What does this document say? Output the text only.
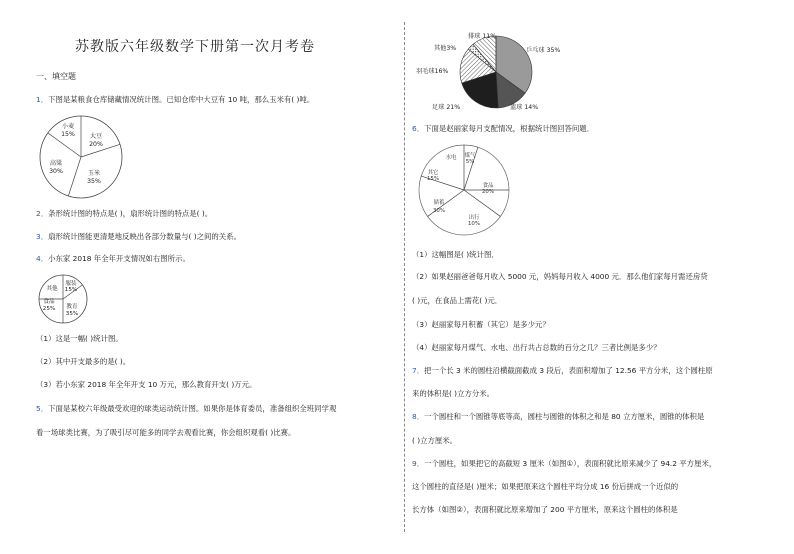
苏教版六年级数学下册第一次月考卷
一、填空题
1．下图是某粮食仓库储藏情况统计图。已知仓库中大豆有 10 吨，那么玉米有( )吨。
大豆
20%
玉米
35%
高粱
30%
小麦
15%
2．条形统计图的特点是( )，扇形统计图的特点是( )。
3．扇形统计图能更清楚地反映出各部分数量与( )之间的关系。
4．小东家 2018 年全年开支情况如右图所示。
服装
15%
教育
35%
食品
25%
其他
（1）这是一幅( )统计图。
（2）其中开支最多的是( )。
（3）若小东家 2018 年全年开支 10 万元，那么教育开支( )万元。
5．下面是某校六年级最受欢迎的球类运动统计图。如果你是体育委员，准备组织全班同学观
看一场球类比赛，为了吸引尽可能多的同学去观看比赛，你会组织观看( )比赛。
乒乓球 35%
篮球 14%
足球 21%
羽毛球16%
其他3%
排球 11%
6．下面是赵丽家每月支配情况，根据统计图回答问题．
煤气
5%
食品
20%
出行
10%
储蓄
30%
其它
15%
水电
（1）这幅图是( )统计图．
（2）如果赵丽爸爸每月收入 5000 元，妈妈每月收入 4000 元．那么他们家每月需还房贷
( )元，在食品上需花( )元．
（3）赵丽家每月积蓄（其它）是多少元？
（4）赵丽家每月煤气、水电、出行共占总数的百分之几？三者比例是多少？
7．把一个长 3 米的圆柱沿横截面截成 3 段后，表面积增加了 12.56 平方分米，这个圆柱原
来的体积是( )立方分米。
8．一个圆柱和一个圆锥等底等高，圆柱与圆锥的体积之和是 80 立方厘米，圆锥的体积是
( )立方厘米。
9．一个圆柱，如果把它的高截短 3 厘米（如图①），表面积就比原来减少了 94.2 平方厘米，
这个圆柱的直径是( )厘米；如果把原来这个圆柱平均分成 16 份后拼成一个近似的
长方体（如图②），表面积就比原来增加了 200 平方厘米，原来这个圆柱的体积是
